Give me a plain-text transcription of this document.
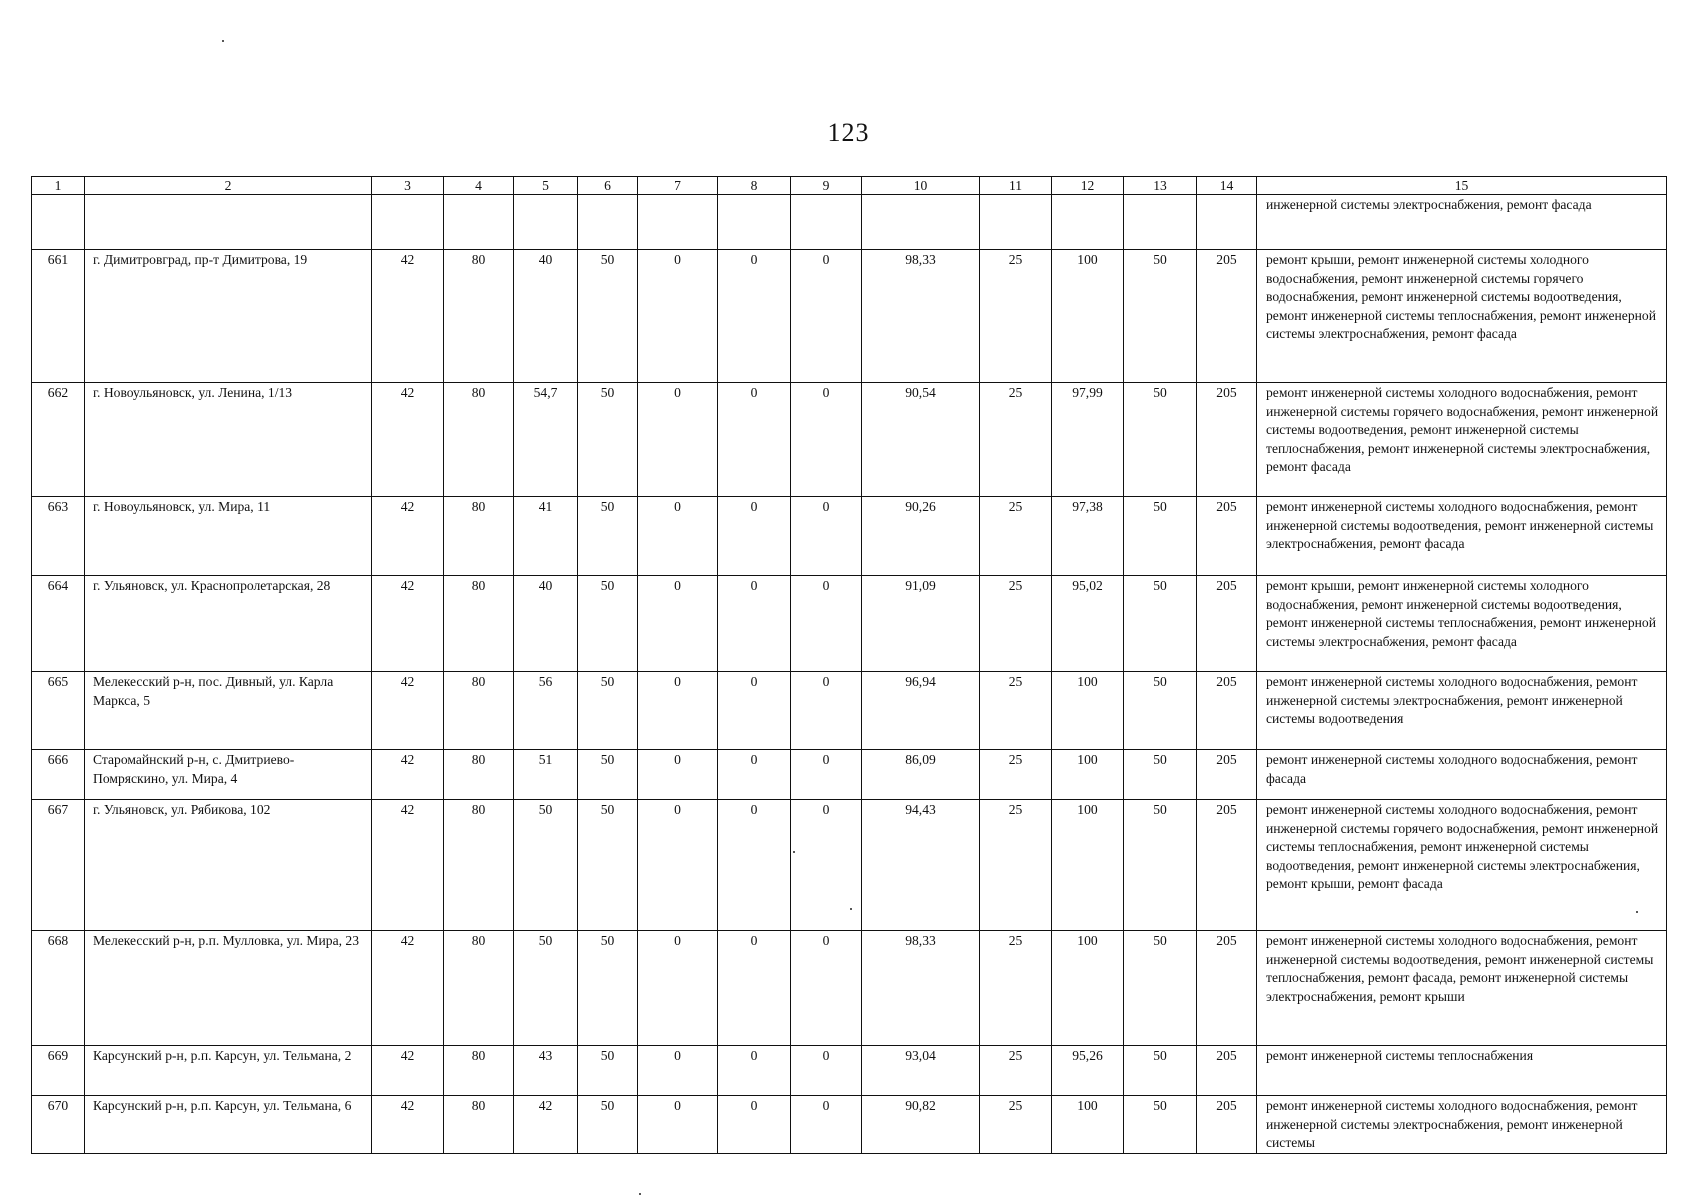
123
1	2	3	4	5	6	7	8	9	10	11	12	13	14	15
														инженерной системы электроснабжения, ремонт фасада
661	г. Димитровград, пр-т Димитрова, 19	42	80	40	50	0	0	0	98,33	25	100	50	205	ремонт крыши, ремонт инженерной системы холодного водоснабжения, ремонт инженерной системы горячего водоснабжения, ремонт инженерной системы водоотведения, ремонт инженерной системы теплоснабжения, ремонт инженерной системы электроснабжения, ремонт фасада
662	г. Новоульяновск, ул. Ленина, 1/13	42	80	54,7	50	0	0	0	90,54	25	97,99	50	205	ремонт инженерной системы холодного водоснабжения, ремонт инженерной системы горячего водоснабжения, ремонт инженерной системы водоотведения, ремонт инженерной системы теплоснабжения, ремонт инженерной системы электроснабжения, ремонт фасада
663	г. Новоульяновск, ул. Мира, 11	42	80	41	50	0	0	0	90,26	25	97,38	50	205	ремонт инженерной системы холодного водоснабжения, ремонт инженерной системы водоотведения, ремонт инженерной системы электроснабжения, ремонт фасада
664	г. Ульяновск, ул. Краснопролетарская, 28	42	80	40	50	0	0	0	91,09	25	95,02	50	205	ремонт крыши, ремонт инженерной системы холодного водоснабжения, ремонт инженерной системы водоотведения, ремонт инженерной системы теплоснабжения, ремонт инженерной системы электроснабжения, ремонт фасада
665	Мелекесский р-н, пос. Дивный, ул. Карла Маркса, 5	42	80	56	50	0	0	0	96,94	25	100	50	205	ремонт инженерной системы холодного водоснабжения, ремонт инженерной системы электроснабжения, ремонт инженерной системы водоотведения
666	Старомайнский р-н, с. Дмитриево-Помряскино, ул. Мира, 4	42	80	51	50	0	0	0	86,09	25	100	50	205	ремонт инженерной системы холодного водоснабжения, ремонт фасада
667	г. Ульяновск, ул. Рябикова, 102	42	80	50	50	0	0	0	94,43	25	100	50	205	ремонт инженерной системы холодного водоснабжения, ремонт инженерной системы горячего водоснабжения, ремонт инженерной системы теплоснабжения, ремонт инженерной системы водоотведения, ремонт инженерной системы электроснабжения, ремонт крыши, ремонт фасада
668	Мелекесский р-н, р.п. Мулловка, ул. Мира, 23	42	80	50	50	0	0	0	98,33	25	100	50	205	ремонт инженерной системы холодного водоснабжения, ремонт инженерной системы водоотведения, ремонт инженерной системы теплоснабжения, ремонт фасада, ремонт инженерной системы электроснабжения, ремонт крыши
669	Карсунский р-н, р.п. Карсун, ул. Тельмана, 2	42	80	43	50	0	0	0	93,04	25	95,26	50	205	ремонт инженерной системы теплоснабжения
670	Карсунский р-н, р.п. Карсун, ул. Тельмана, 6	42	80	42	50	0	0	0	90,82	25	100	50	205	ремонт инженерной системы холодного водоснабжения, ремонт инженерной системы электроснабжения, ремонт инженерной системы
